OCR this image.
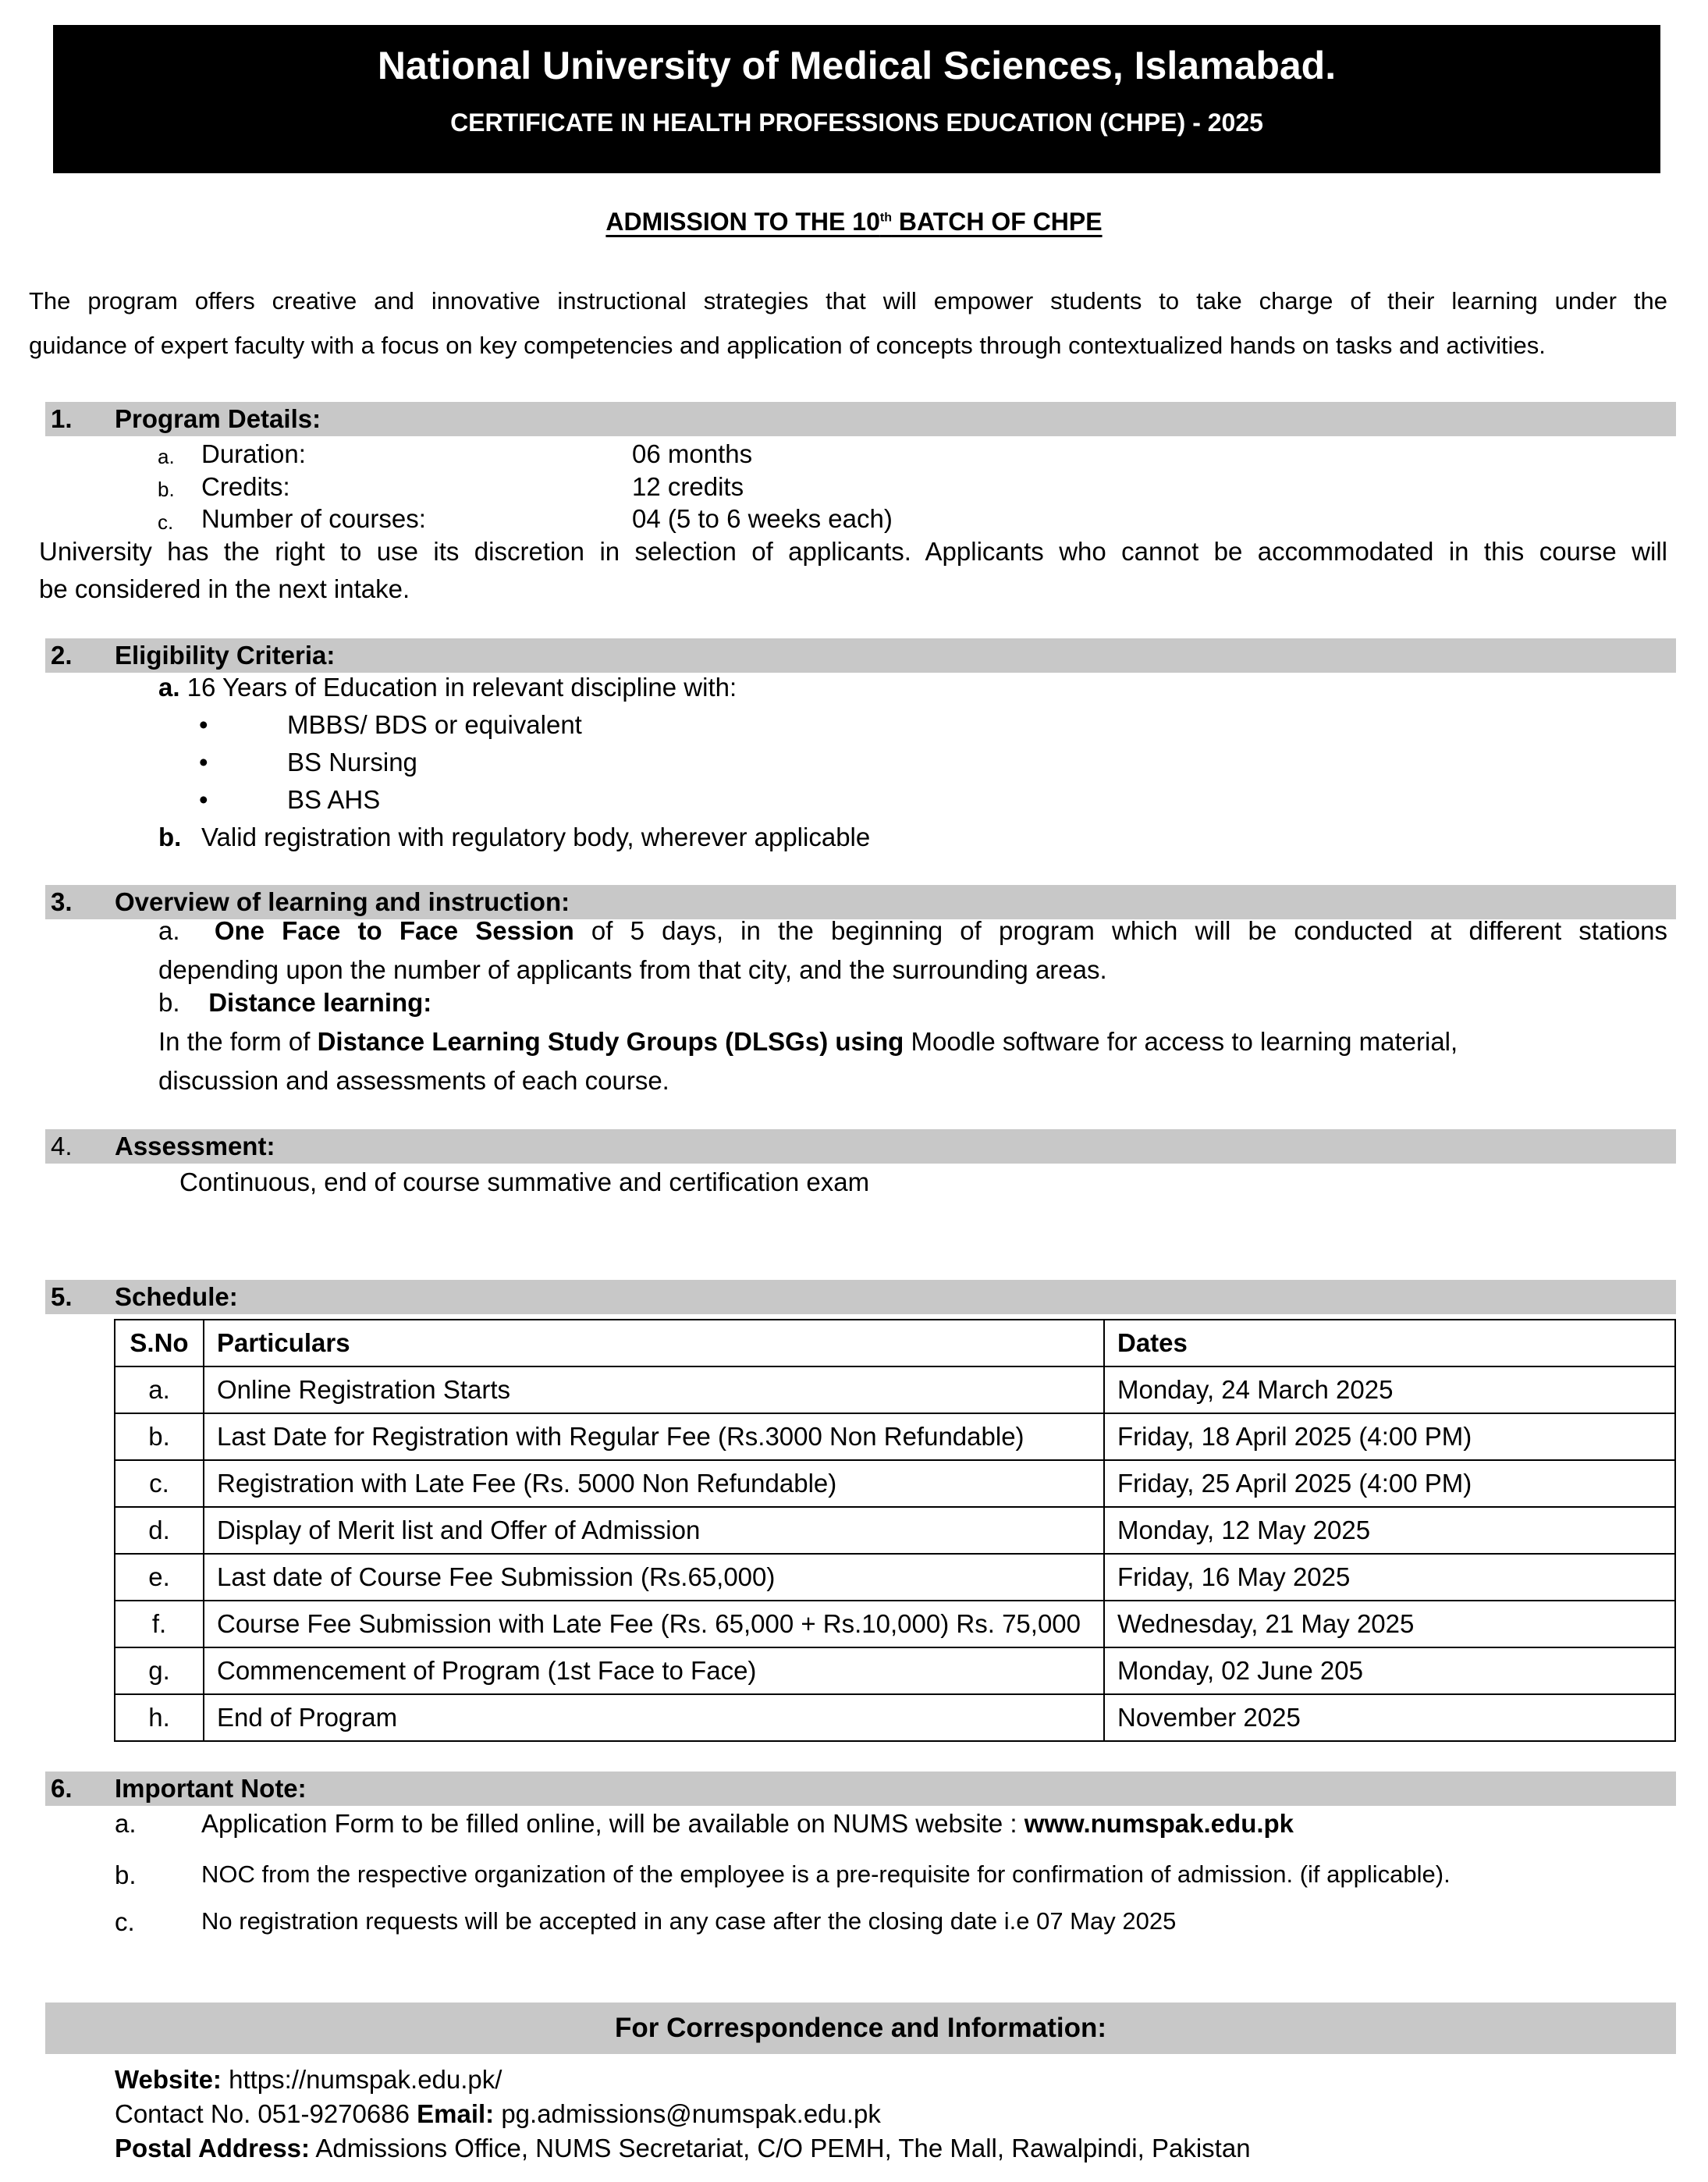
National University of Medical Sciences, Islamabad.
CERTIFICATE IN HEALTH PROFESSIONS EDUCATION (CHPE) - 2025
ADMISSION TO THE 10th BATCH OF CHPE
The program offers creative and innovative instructional strategies that will empower students to take charge of their learning under the
guidance of expert faculty with a focus on key competencies and application of concepts through contextualized hands on tasks and activities.
1. Program Details:
a. Duration:	06 months
b. Credits:	12 credits
c. Number of courses:	04 (5 to 6 weeks each)
University has the right to use its discretion in selection of applicants. Applicants who cannot be accommodated in this course will
be considered in the next intake.
2. Eligibility Criteria:
a. 16 Years of Education in relevant discipline with:
•	MBBS/ BDS or equivalent
•	BS Nursing
•	BS AHS
b. Valid registration with regulatory body, wherever applicable
3. Overview of learning and instruction:
a. One Face to Face Session of 5 days, in the beginning of program which will be conducted at different stations
depending upon the number of applicants from that city, and the surrounding areas.
b. Distance learning:
In the form of Distance Learning Study Groups (DLSGs) using Moodle software for access to learning material,
discussion and assessments of each course.
4. Assessment:
Continuous, end of course summative and certification exam
5. Schedule:
S.No	Particulars	Dates
a.	Online Registration Starts	Monday, 24 March 2025
b.	Last Date for Registration with Regular Fee (Rs.3000 Non Refundable)	Friday, 18 April 2025 (4:00 PM)
c.	Registration with Late Fee (Rs. 5000 Non Refundable)	Friday, 25 April 2025 (4:00 PM)
d.	Display of Merit list and Offer of Admission	Monday, 12 May 2025
e.	Last date of Course Fee Submission (Rs.65,000)	Friday, 16 May 2025
f.	Course Fee Submission with Late Fee (Rs. 65,000 + Rs.10,000) Rs. 75,000	Wednesday, 21 May 2025
g.	Commencement of Program (1st Face to Face)	Monday, 02 June 205
h.	End of Program	November 2025
6. Important Note:
a.	Application Form to be filled online, will be available on NUMS website : www.numspak.edu.pk
b.	NOC from the respective organization of the employee is a pre-requisite for confirmation of admission. (if applicable).
c.	No registration requests will be accepted in any case after the closing date i.e 07 May 2025
For Correspondence and Information:
Website: https://numspak.edu.pk/
Contact No. 051-9270686 Email: pg.admissions@numspak.edu.pk
Postal Address: Admissions Office, NUMS Secretariat, C/O PEMH, The Mall, Rawalpindi, Pakistan
